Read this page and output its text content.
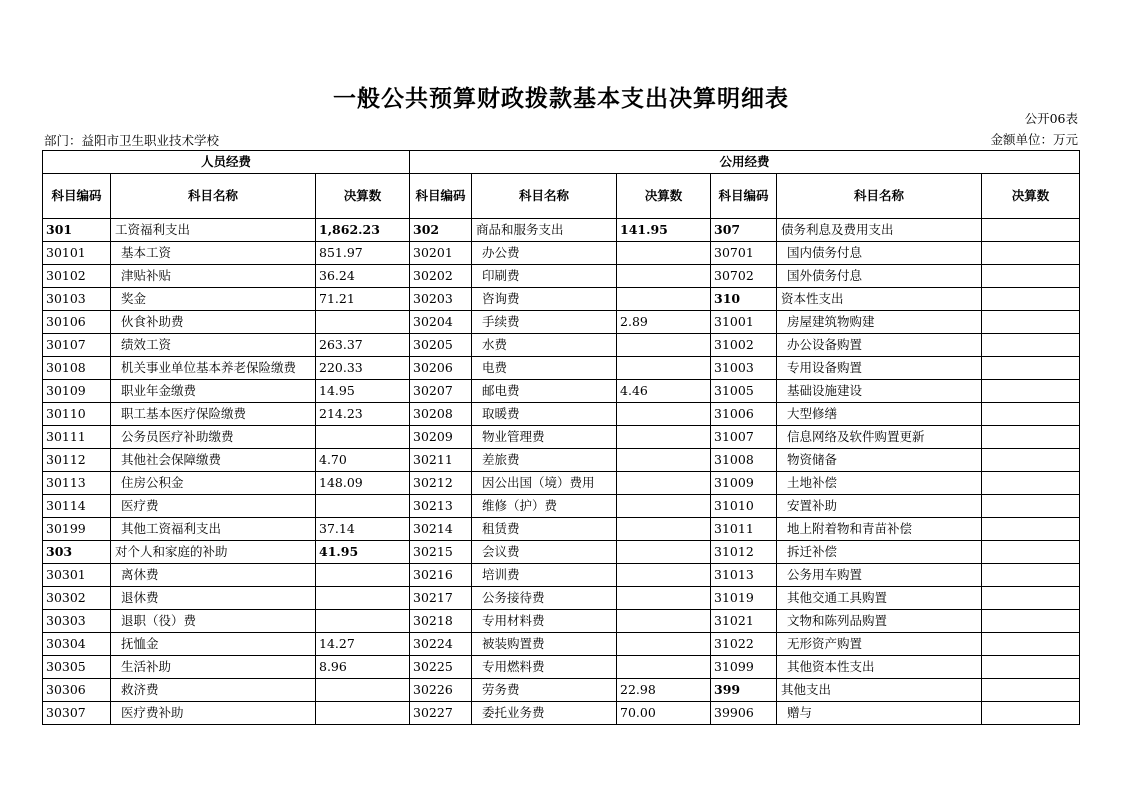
一般公共预算财政拨款基本支出决算明细表
公开06表
金额单位：万元
部门：益阳市卫生职业技术学校
人员经费			公用经费					
科目编码	科目名称	决算数	科目编码	科目名称	决算数	科目编码	科目名称	决算数
301	工资福利支出	1,862.23	302	商品和服务支出	141.95	307	债务利息及费用支出	
30101	基本工资	851.97	30201	办公费		30701	国内债务付息	
30102	津贴补贴	36.24	30202	印刷费		30702	国外债务付息	
30103	奖金	71.21	30203	咨询费		310	资本性支出	
30106	伙食补助费		30204	手续费	2.89	31001	房屋建筑物购建	
30107	绩效工资	263.37	30205	水费		31002	办公设备购置	
30108	机关事业单位基本养老保险缴费	220.33	30206	电费		31003	专用设备购置	
30109	职业年金缴费	14.95	30207	邮电费	4.46	31005	基础设施建设	
30110	职工基本医疗保险缴费	214.23	30208	取暖费		31006	大型修缮	
30111	公务员医疗补助缴费		30209	物业管理费		31007	信息网络及软件购置更新	
30112	其他社会保障缴费	4.70	30211	差旅费		31008	物资储备	
30113	住房公积金	148.09	30212	因公出国（境）费用		31009	土地补偿	
30114	医疗费		30213	维修（护）费		31010	安置补助	
30199	其他工资福利支出	37.14	30214	租赁费		31011	地上附着物和青苗补偿	
303	对个人和家庭的补助	41.95	30215	会议费		31012	拆迁补偿	
30301	离休费		30216	培训费		31013	公务用车购置	
30302	退休费		30217	公务接待费		31019	其他交通工具购置	
30303	退职（役）费		30218	专用材料费		31021	文物和陈列品购置	
30304	抚恤金	14.27	30224	被装购置费		31022	无形资产购置	
30305	生活补助	8.96	30225	专用燃料费		31099	其他资本性支出	
30306	救济费		30226	劳务费	22.98	399	其他支出	
30307	医疗费补助		30227	委托业务费	70.00	39906	赠与	
